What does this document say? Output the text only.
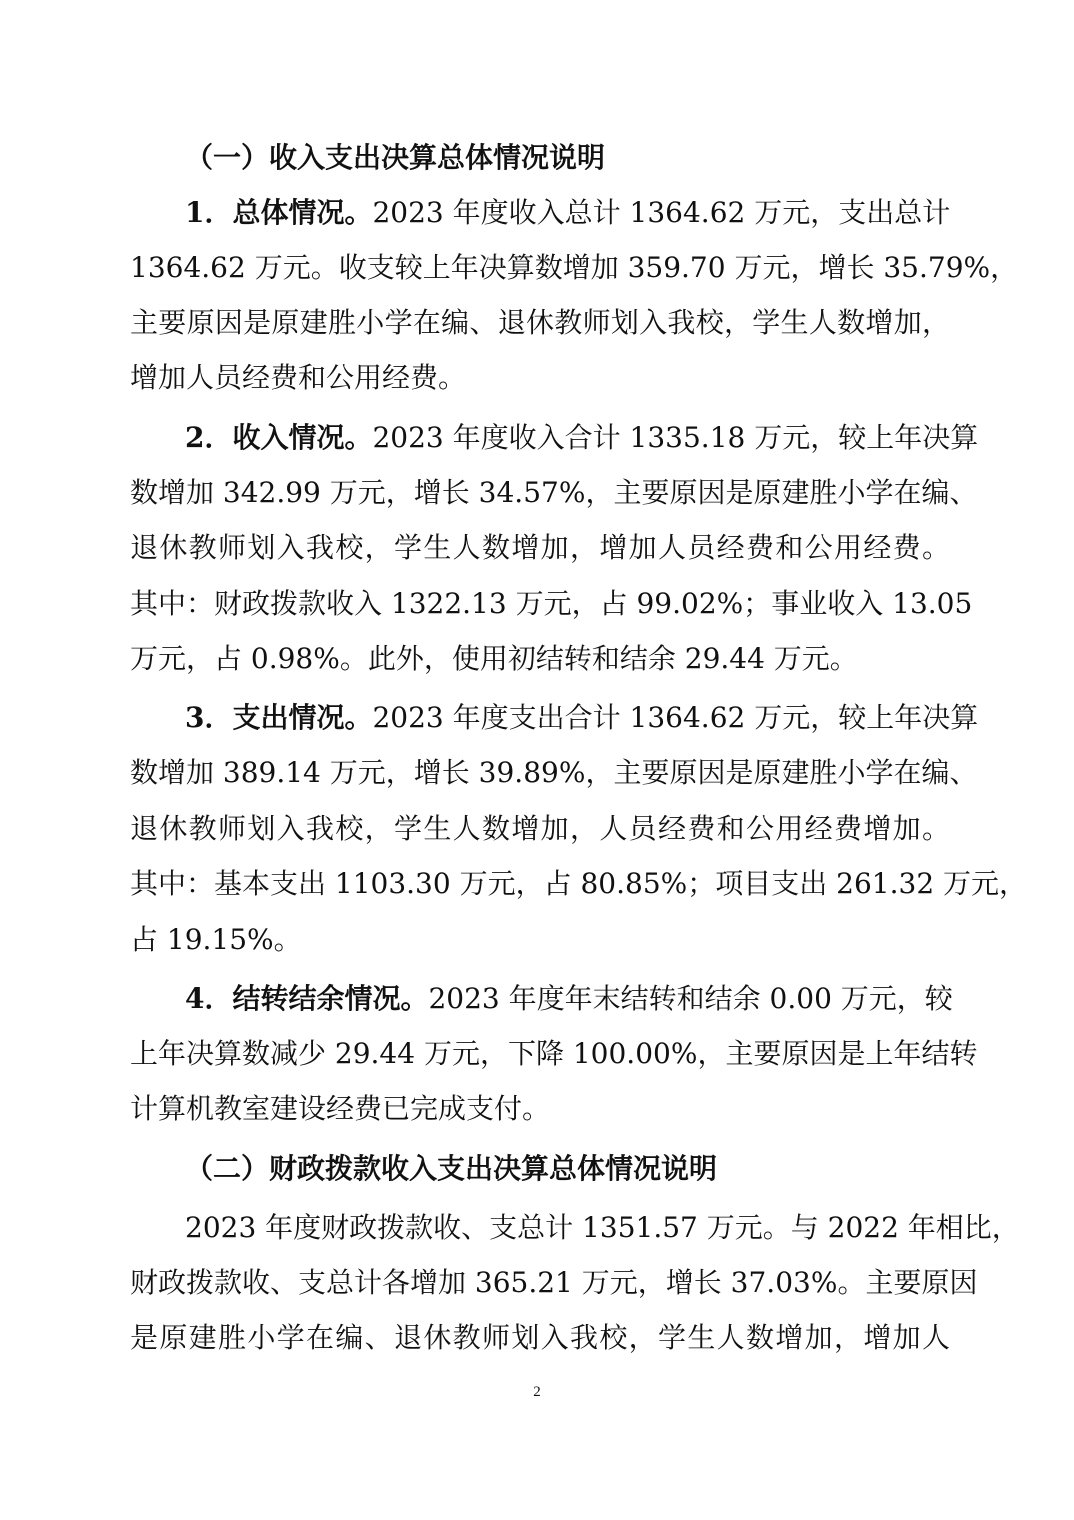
（一）收入支出决算总体情况说明
1．总体情况。2023 年度收入总计 1364.62 万元，支出总计
1364.62 万元。收支较上年决算数增加 359.70 万元，增长 35.79%，
主要原因是原建胜小学在编、退休教师划入我校，学生人数增加，
增加人员经费和公用经费。
2．收入情况。2023 年度收入合计 1335.18 万元，较上年决算
数增加 342.99 万元，增长 34.57%，主要原因是原建胜小学在编、
退休教师划入我校，学生人数增加，增加人员经费和公用经费。
其中：财政拨款收入 1322.13 万元，占 99.02%；事业收入 13.05
万元，占 0.98%。此外，使用初结转和结余 29.44 万元。
3．支出情况。2023 年度支出合计 1364.62 万元，较上年决算
数增加 389.14 万元，增长 39.89%，主要原因是原建胜小学在编、
退休教师划入我校，学生人数增加，人员经费和公用经费增加。
其中：基本支出 1103.30 万元，占 80.85%；项目支出 261.32 万元，
占 19.15%。
4．结转结余情况。2023 年度年末结转和结余 0.00 万元，较
上年决算数减少 29.44 万元，下降 100.00%，主要原因是上年结转
计算机教室建设经费已完成支付。
（二）财政拨款收入支出决算总体情况说明
2023 年度财政拨款收、支总计 1351.57 万元。与 2022 年相比，
财政拨款收、支总计各增加 365.21 万元，增长 37.03%。主要原因
是原建胜小学在编、退休教师划入我校，学生人数增加，增加人
2
